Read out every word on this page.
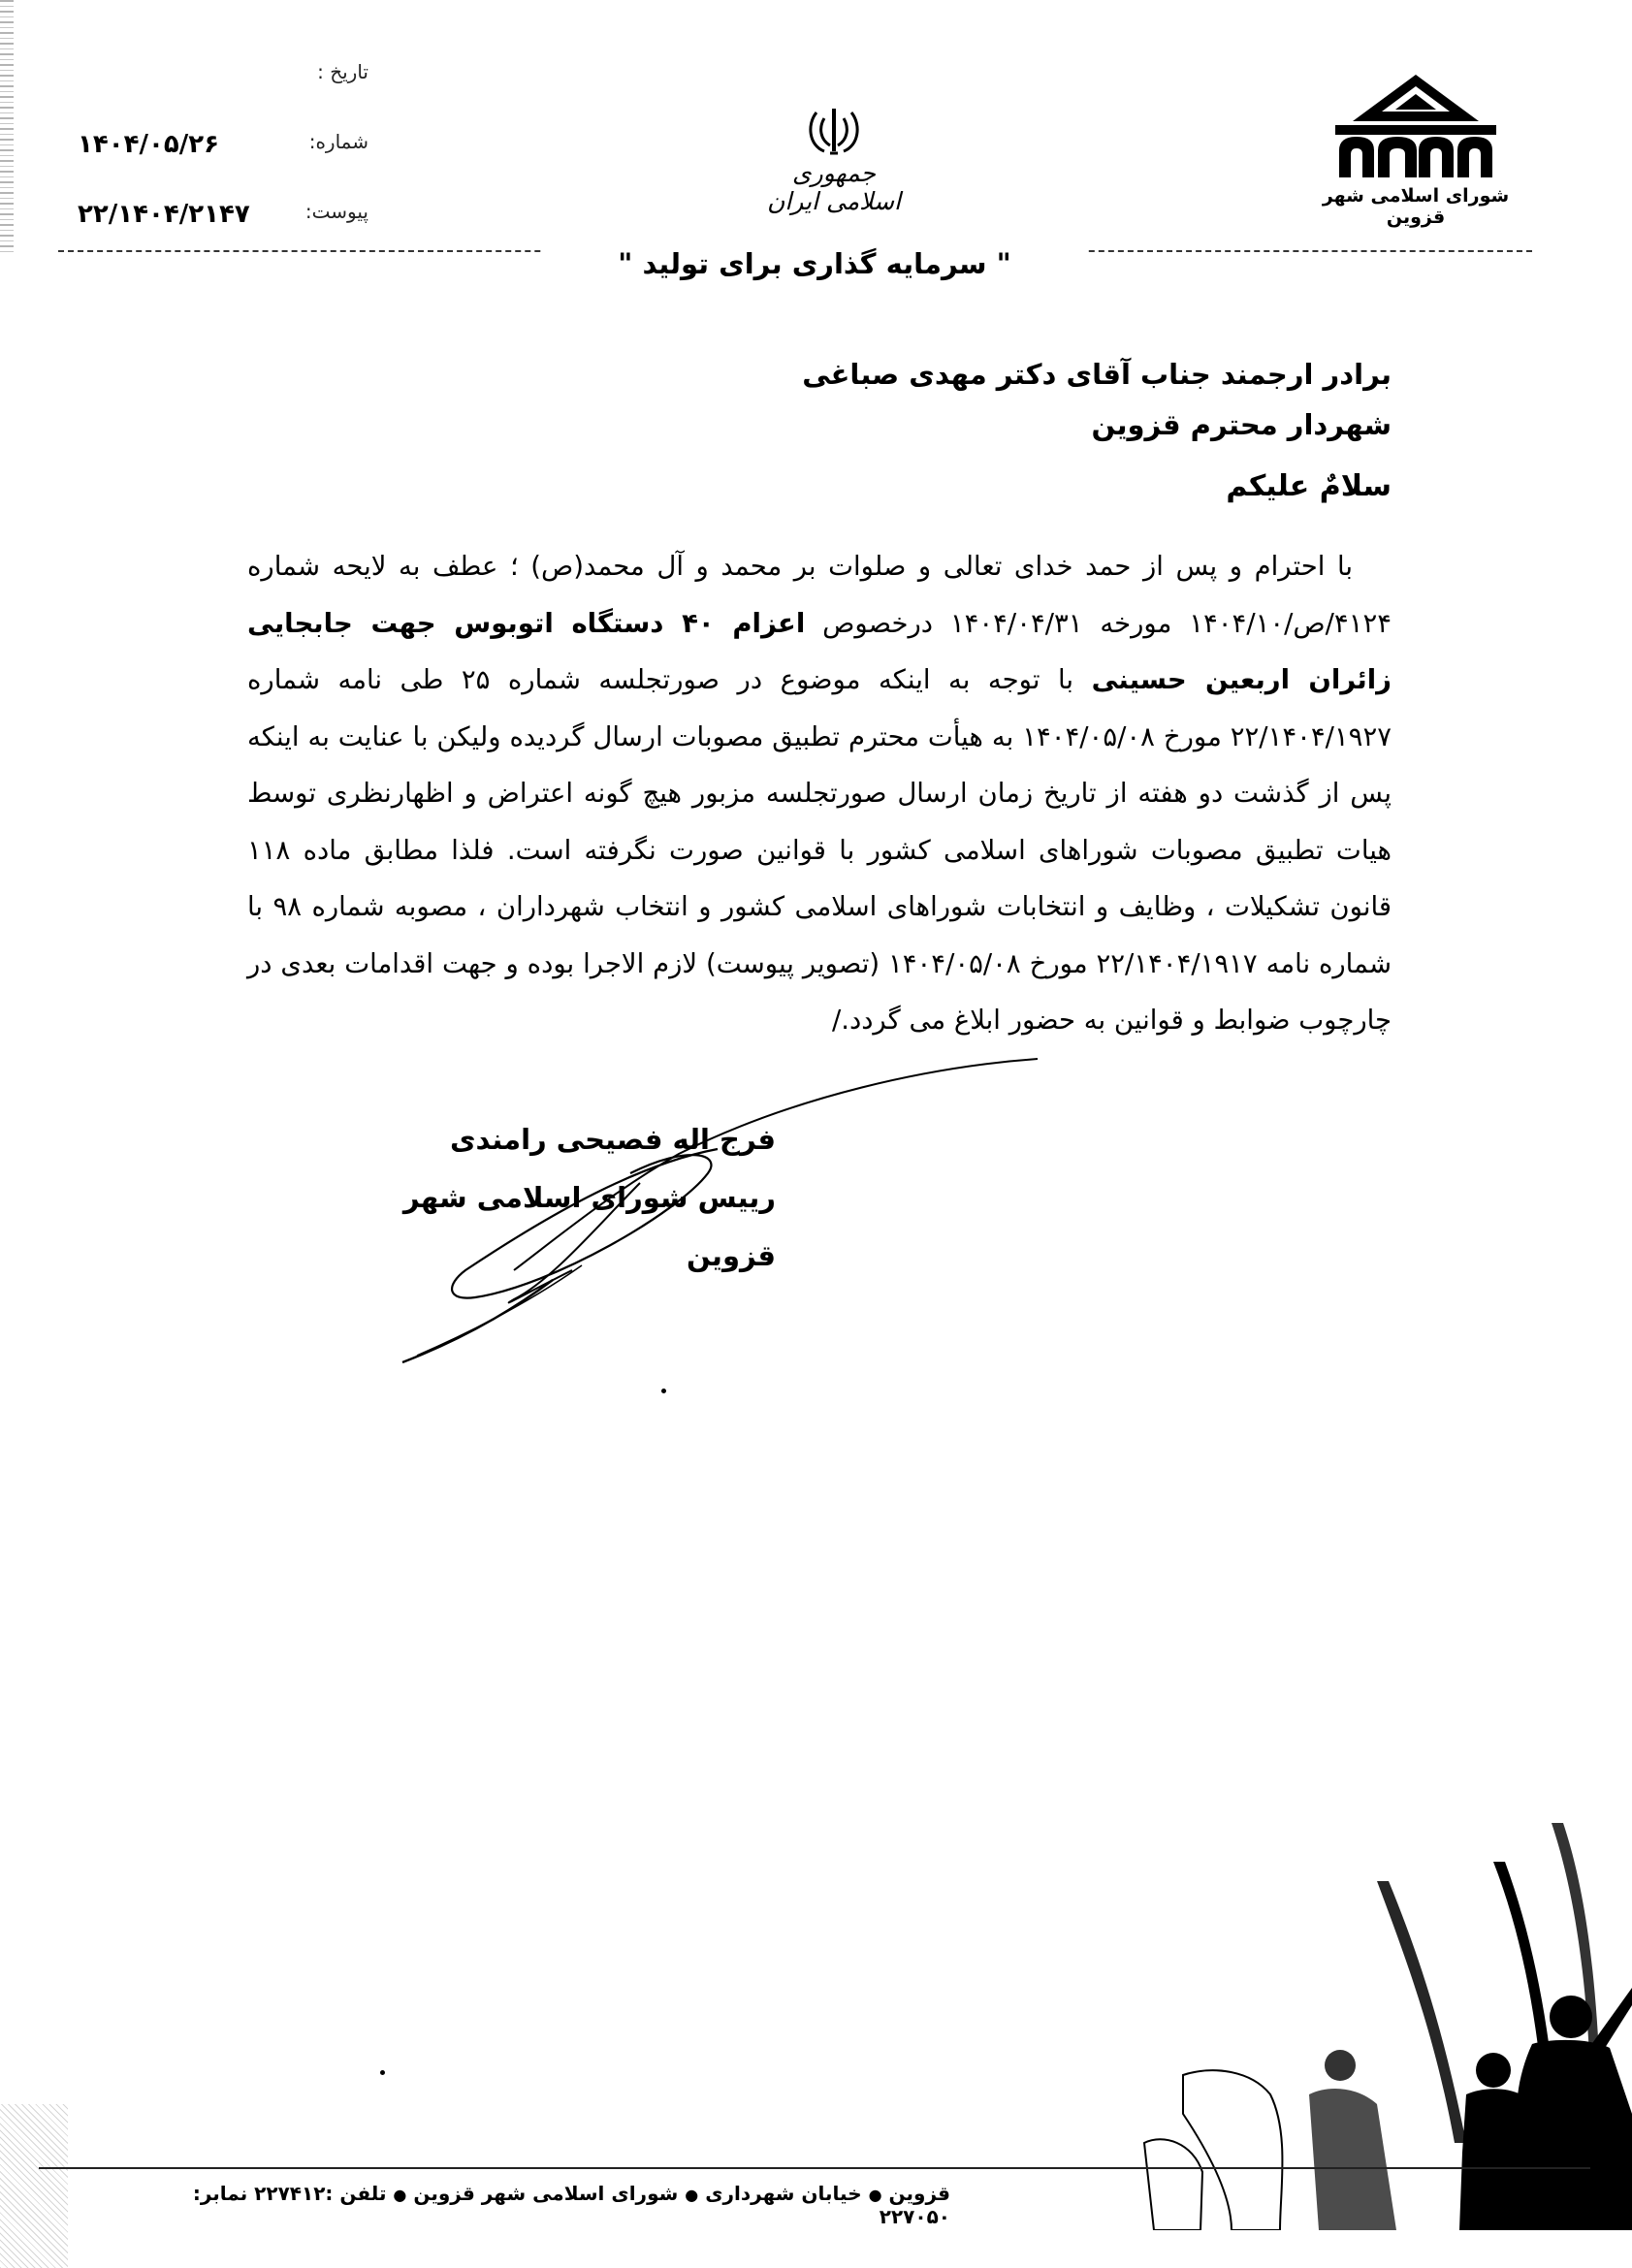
تاریخ :
شماره:
۱۴۰۴/۰۵/۲۶
پیوست:
۲۲/۱۴۰۴/۲۱۴۷
جمهوری اسلامی ایران	شورای اسلامی شهر قزوین
" سرمایه گذاری برای تولید "
برادر ارجمند جناب آقای دکتر مهدی صباغی
شهردار محترم قزوین
سلامٌ علیکم

با احترام و پس از حمد خدای تعالی و صلوات بر محمد و آل محمد(ص) ؛ عطف به لایحه شماره ۴۱۲۴/ص/۱۴۰۴/۱۰ مورخه ۱۴۰۴/۰۴/۳۱ درخصوص اعزام ۴۰ دستگاه اتوبوس جهت جابجایی زائران اربعین حسینی با توجه به اینکه موضوع در صورتجلسه شماره ۲۵ طی نامه شماره ۲۲/۱۴۰۴/۱۹۲۷ مورخ ۱۴۰۴/۰۵/۰۸ به هیأت محترم تطبیق مصوبات ارسال گردیده ولیکن با عنایت به اینکه پس از گذشت دو هفته از تاریخ زمان ارسال صورتجلسه مزبور هیچ گونه اعتراض و اظهارنظری توسط هیات تطبیق مصوبات شوراهای اسلامی کشور با قوانین صورت نگرفته است. فلذا مطابق ماده ۱۱۸ قانون تشکیلات ، وظایف و انتخابات شوراهای اسلامی کشور و انتخاب شهرداران ، مصوبه شماره ۹۸ با شماره نامه ۲۲/۱۴۰۴/۱۹۱۷ مورخ ۱۴۰۴/۰۵/۰۸ (تصویر پیوست) لازم الاجرا بوده و جهت اقدامات بعدی در چارچوب ضوابط و قوانین به حضور ابلاغ می گردد./

فرج اله فصیحی رامندی
رییس شورای اسلامی شهر قزوین
قزوین ● خیابان شهرداری ● شورای اسلامی شهر قزوین ● تلفن :۲۲۷۴۱۲ نمابر: ۲۲۷۰۵۰
